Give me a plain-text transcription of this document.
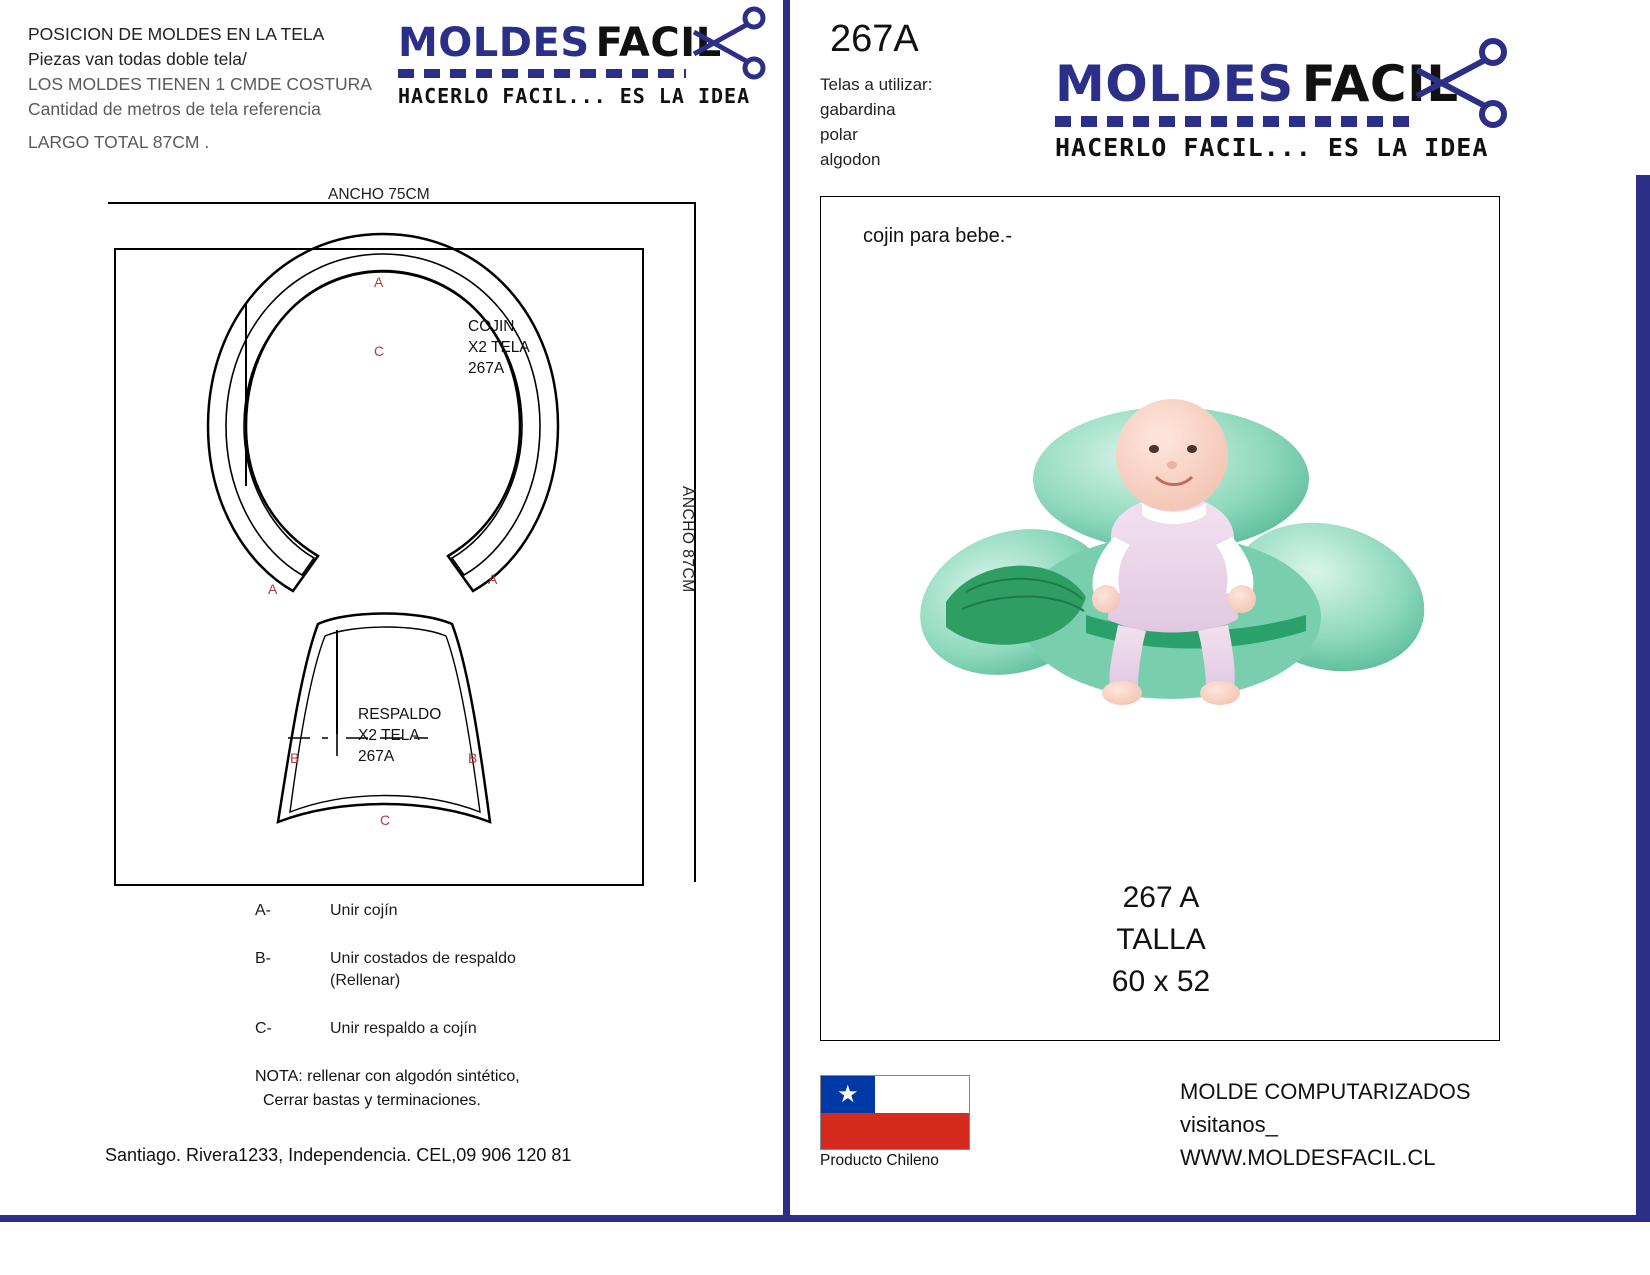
POSICION DE MOLDES EN LA TELA
Piezas van todas doble tela/
LOS MOLDES TIENEN 1 CMDE COSTURA
Cantidad de metros de tela referencia
LARGO TOTAL 87CM .
MOLDES FACIL
HACERLO FACIL... ES LA IDEA
ANCHO 75CM
ANCHO 87CM
A
C
A
A
B	B
C
COJIN
X2 TELA
267A
RESPALDO
X2 TELA
267A
A-	Unir cojín
B-	Unir costados de respaldo
(Rellenar)
C-	Unir respaldo a cojín
NOTA: rellenar con algodón sintético,
Cerrar bastas y terminaciones.
Santiago. Rivera1233, Independencia. CEL,09 906 120 81
267A
Telas a utilizar:
gabardina
polar
algodon
MOLDES FACIL
HACERLO FACIL... ES LA IDEA
cojin para bebe.-
267 A
TALLA
60 x 52
★
Producto Chileno
MOLDE COMPUTARIZADOS
visitanos_
WWW.MOLDESFACIL.CL
